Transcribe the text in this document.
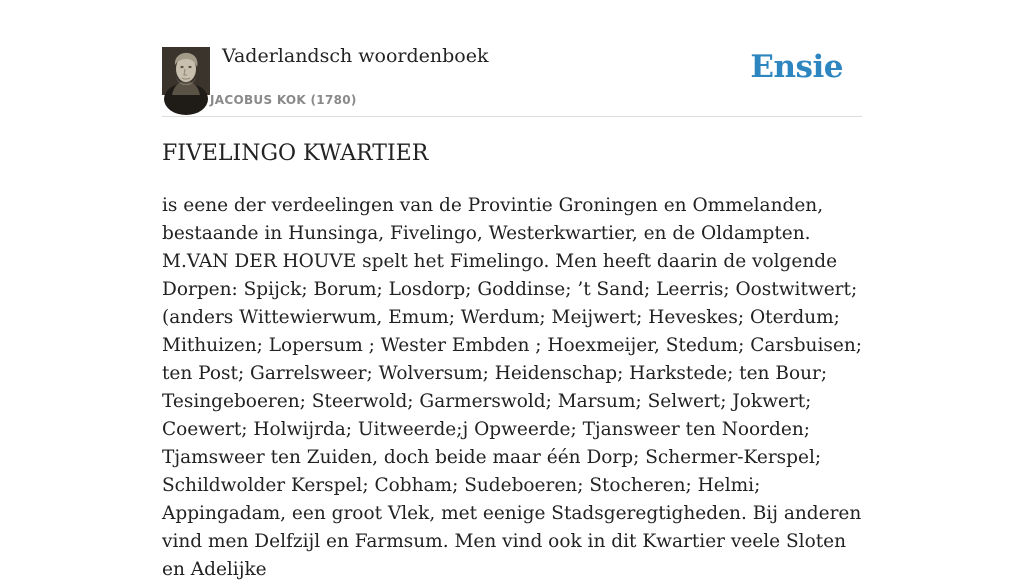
Vaderlandsch woordenboek
JACOBUS KOK (1780)
Ensie
FIVELINGO KWARTIER

is eene der verdeelingen van de Provintie Groningen en Ommelanden, bestaande in Hunsinga, Fivelingo, Westerkwartier, en de Oldampten. M.VAN DER HOUVE spelt het Fimelingo. Men heeft daarin de volgende Dorpen: Spijck; Borum; Losdorp; Goddinse; ’t Sand; Leerris; Oostwitwert; (anders Wittewierwum, Emum; Werdum; Meijwert; Heveskes; Oterdum; Mithuizen; Lopersum ; Wester Embden ; Hoexmeijer, Stedum; Carsbuisen; ten Post; Garrelsweer; Wolversum; Heidenschap; Harkstede; ten Bour; Tesingeboeren; Steerwold; Garmerswold; Marsum; Selwert; Jokwert; Coewert; Holwijrda; Uitweerde;j Opweerde; Tjansweer ten Noorden; Tjamsweer ten Zuiden, doch beide maar één Dorp; Schermer-Kerspel; Schildwolder Kerspel; Cobham; Sudeboeren; Stocheren; Helmi; Appingadam, een groot Vlek, met eenige Stadsgeregtigheden. Bij anderen vind men Delfzijl en Farmsum. Men vind ook in dit Kwartier veele Sloten en Adelijke
